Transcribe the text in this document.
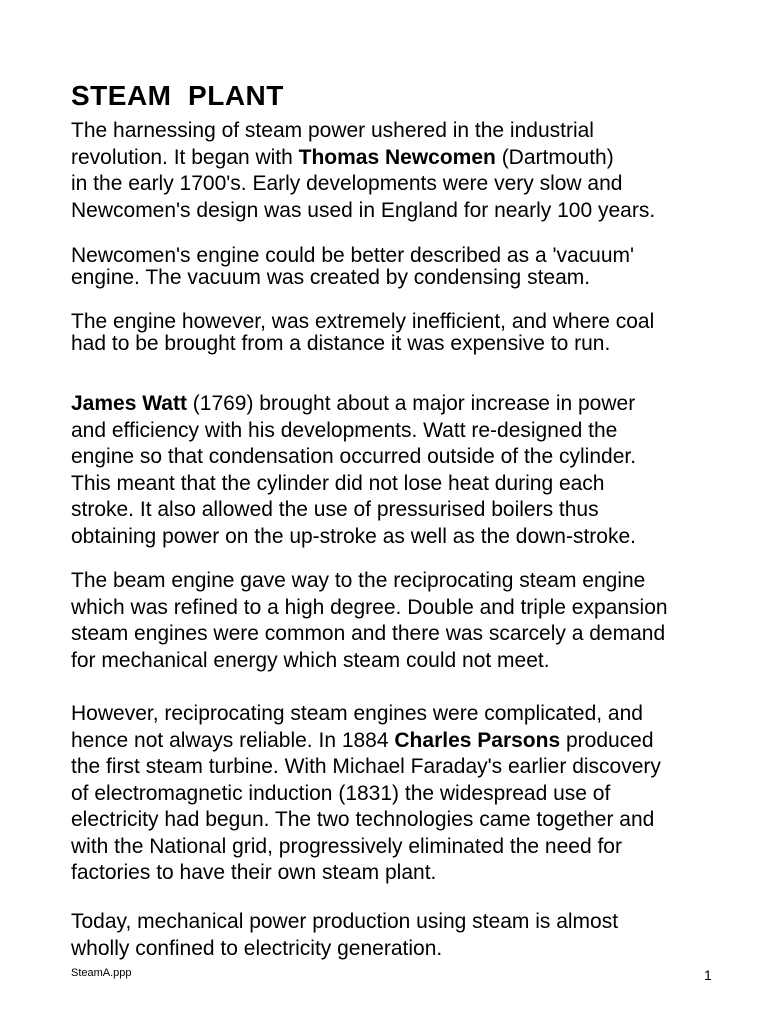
STEAM  PLANT

The harnessing of steam power ushered in the industrial
revolution. It began with Thomas Newcomen (Dartmouth)
in the early 1700's. Early developments were very slow and
Newcomen's design was used in England for nearly 100 years.

Newcomen's engine could be better described as a 'vacuum'
engine. The vacuum was created by condensing steam.

The engine however, was extremely inefficient, and where coal
had to be brought from a distance it was expensive to run.

James Watt (1769) brought about a major increase in power
and efficiency with his developments. Watt re-designed the
engine so that condensation occurred outside of the cylinder.
This meant that the cylinder did not lose heat during each
stroke. It also allowed the use of pressurised boilers thus
obtaining power on the up-stroke as well as the down-stroke.

The beam engine gave way to the reciprocating steam engine
which was refined to a high degree. Double and triple expansion
steam engines were common and there was scarcely a demand
for mechanical energy which steam could not meet.

However, reciprocating steam engines were complicated, and
hence not always reliable. In 1884 Charles Parsons produced
the first steam turbine. With Michael Faraday's earlier discovery
of electromagnetic induction (1831) the widespread use of
electricity had begun. The two technologies came together and
with the National grid, progressively eliminated the need for
factories to have their own steam plant.

Today, mechanical power production using steam is almost
wholly confined to electricity generation.

SteamA.ppp	1
